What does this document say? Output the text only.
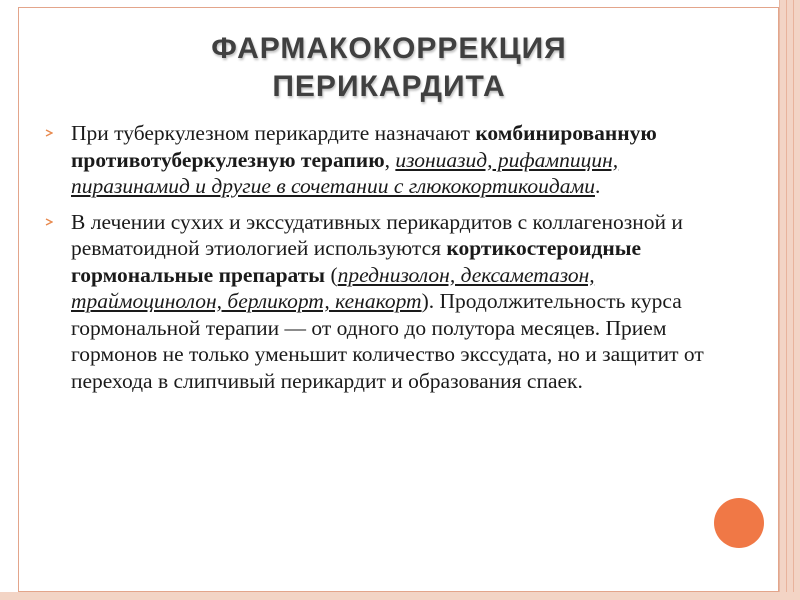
ФАРМАКОКОРРЕКЦИЯ
ПЕРИКАРДИТА
При туберкулезном перикардите назначают комбинированную противотуберкулезную терапию, изониазид, рифампицин, пиразинамид и другие в сочетании с глюкокортикоидами.
В лечении сухих и экссудативных перикардитов с коллагенозной и ревматоидной этиологией используются кортикостероидные гормональные препараты (преднизолон, дексаметазон, траймоцинолон, берликорт, кенакорт). Продолжительность курса гормональной терапии — от одного до полутора месяцев. Прием гормонов не только уменьшит количество экссудата, но и защитит от перехода в слипчивый перикардит и образования спаек.
